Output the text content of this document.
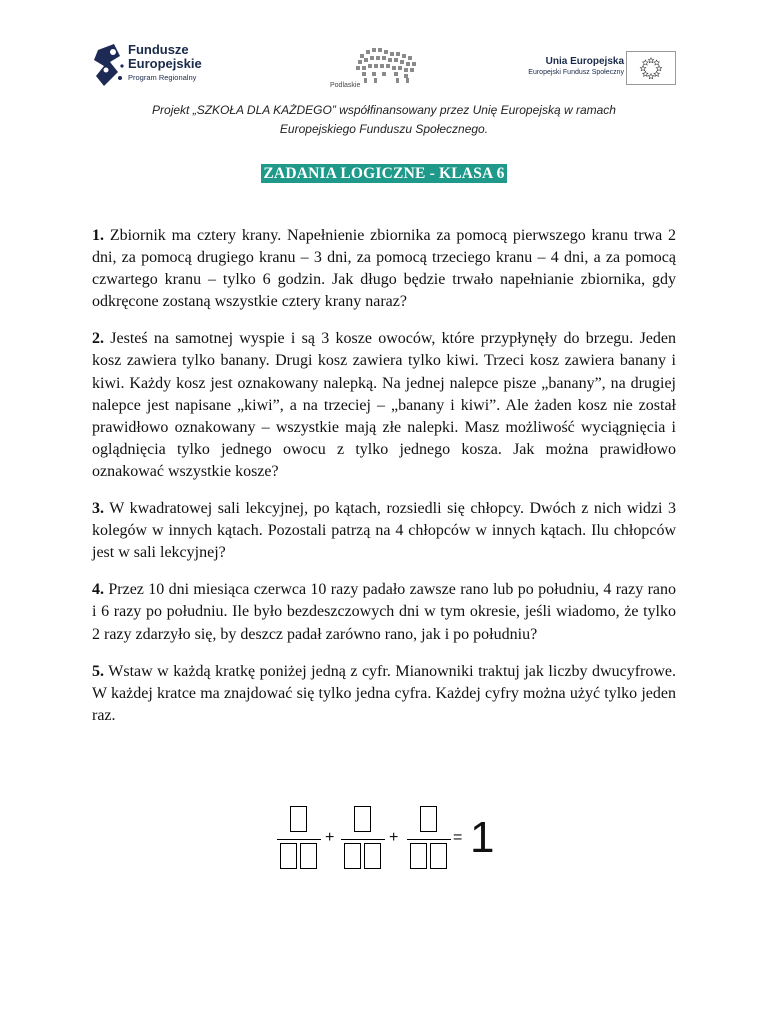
Fundusze
Europejskie
Program Regionalny
Podlaskie
Unia Europejska
Europejski Fundusz Społeczny
Projekt „SZKOŁA DLA KAŻDEGO” współfinansowany przez Unię Europejską w ramach
Europejskiego Funduszu Społecznego.
ZADANIA LOGICZNE - KLASA 6

1. Zbiornik ma cztery krany. Napełnienie zbiornika za pomocą pierwszego kranu trwa 2 dni, za pomocą drugiego kranu – 3 dni, za pomocą trzeciego kranu – 4 dni, a za pomocą czwartego kranu – tylko 6 godzin. Jak długo będzie trwało napełnianie zbiornika, gdy odkręcone zostaną wszystkie cztery krany naraz?

2. Jesteś na samotnej wyspie i są 3 kosze owoców, które przypłynęły do brzegu. Jeden kosz zawiera tylko banany. Drugi kosz zawiera tylko kiwi. Trzeci kosz zawiera banany i kiwi. Każdy kosz jest oznakowany nalepką. Na jednej nalepce pisze „banany”, na drugiej nalepce jest napisane „kiwi”, a na trzeciej – „banany i kiwi”. Ale żaden kosz nie został prawidłowo oznakowany – wszystkie mają złe nalepki. Masz możliwość wyciągnięcia i oglądnięcia tylko jednego owocu z tylko jednego kosza. Jak można prawidłowo oznakować wszystkie kosze?

3. W kwadratowej sali lekcyjnej, po kątach, rozsiedli się chłopcy. Dwóch z nich widzi 3 kolegów w innych kątach. Pozostali patrzą na 4 chłopców w innych kątach. Ilu chłopców jest w sali lekcyjnej?

4. Przez 10 dni miesiąca czerwca 10 razy padało zawsze rano lub po południu, 4 razy rano i 6 razy po południu. Ile było bezdeszczowych dni w tym okresie, jeśli wiadomo, że tylko 2 razy zdarzyło się, by deszcz padał zarówno rano, jak i po południu?

5. Wstaw w każdą kratkę poniżej jedną z cyfr. Mianowniki traktuj jak liczby dwucyfrowe. W każdej kratce ma znajdować się tylko jedna cyfra. Każdej cyfry można użyć tylko jeden raz.

+	+	= 1
